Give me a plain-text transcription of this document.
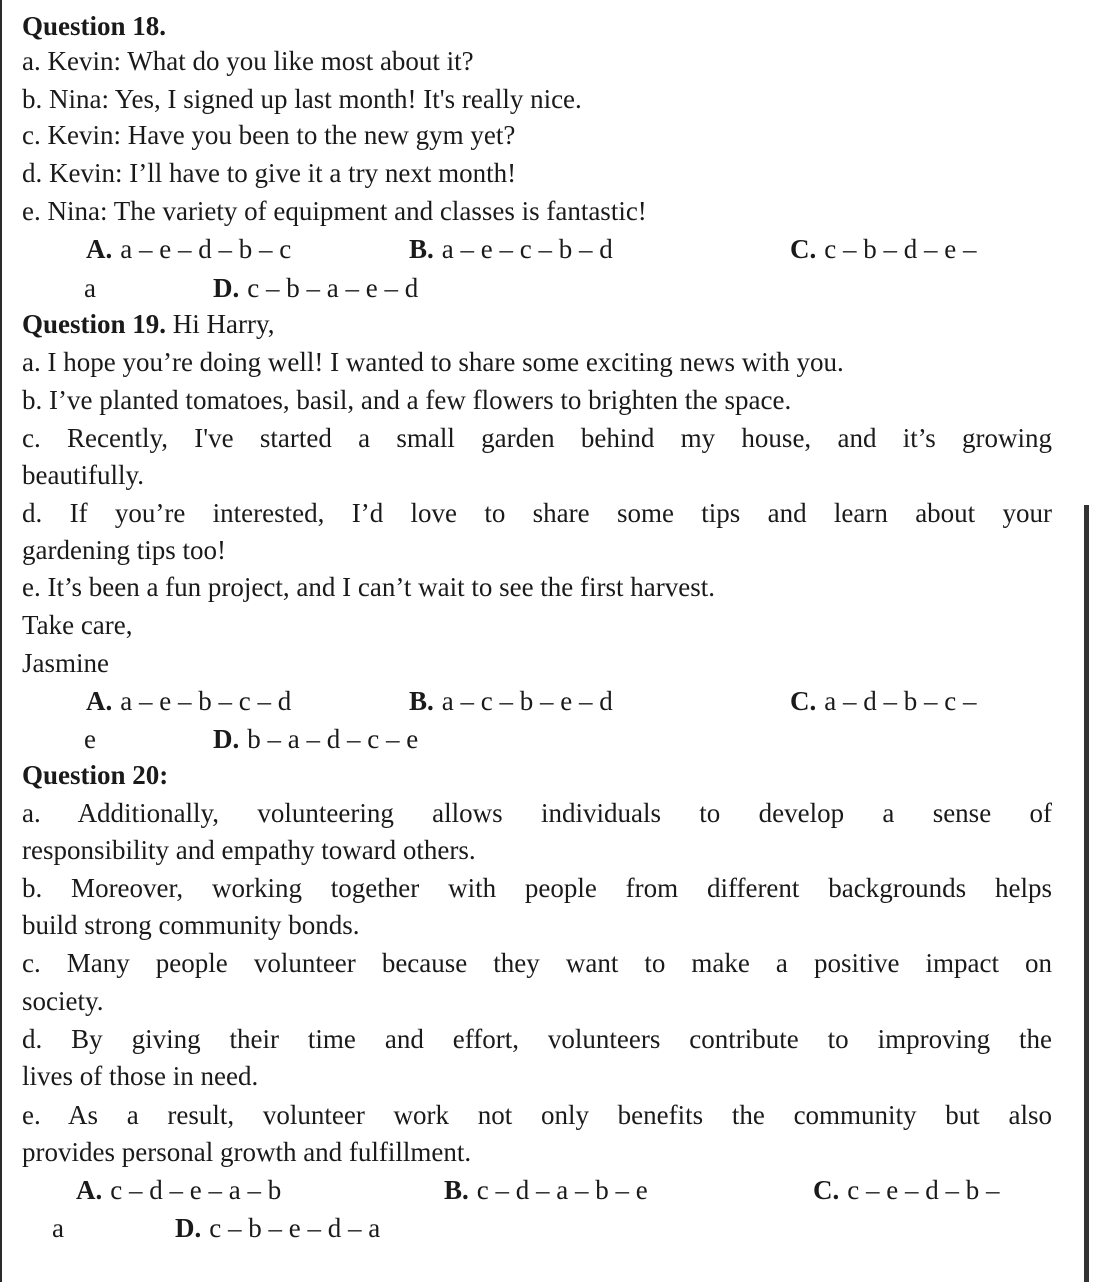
Question 18.
a. Kevin: What do you like most about it?
b. Nina: Yes, I signed up last month! It's really nice.
c. Kevin: Have you been to the new gym yet?
d. Kevin: I’ll have to give it a try next month!
e. Nina: The variety of equipment and classes is fantastic!
A. a – e – d – b – c	B. a – e – c – b – d	C. c – b – d – e –
a	D. c – b – a – e – d
Question 19. Hi Harry,
a. I hope you’re doing well! I wanted to share some exciting news with you.
b. I’ve planted tomatoes, basil, and a few flowers to brighten the space.
c. Recently, I've started a small garden behind my house, and it’s growing
beautifully.
d. If you’re interested, I’d love to share some tips and learn about your
gardening tips too!
e. It’s been a fun project, and I can’t wait to see the first harvest.
Take care,
Jasmine
A. a – e – b – c – d	B. a – c – b – e – d	C. a – d – b – c –
e	D. b – a – d – c – e
Question 20:
a. Additionally, volunteering allows individuals to develop a sense of
responsibility and empathy toward others.
b. Moreover, working together with people from different backgrounds helps
build strong community bonds.
c. Many people volunteer because they want to make a positive impact on
society.
d. By giving their time and effort, volunteers contribute to improving the
lives of those in need.
e. As a result, volunteer work not only benefits the community but also
provides personal growth and fulfillment.
A. c – d – e – a – b	B. c – d – a – b – e	C. c – e – d – b –
a	D. c – b – e – d – a
